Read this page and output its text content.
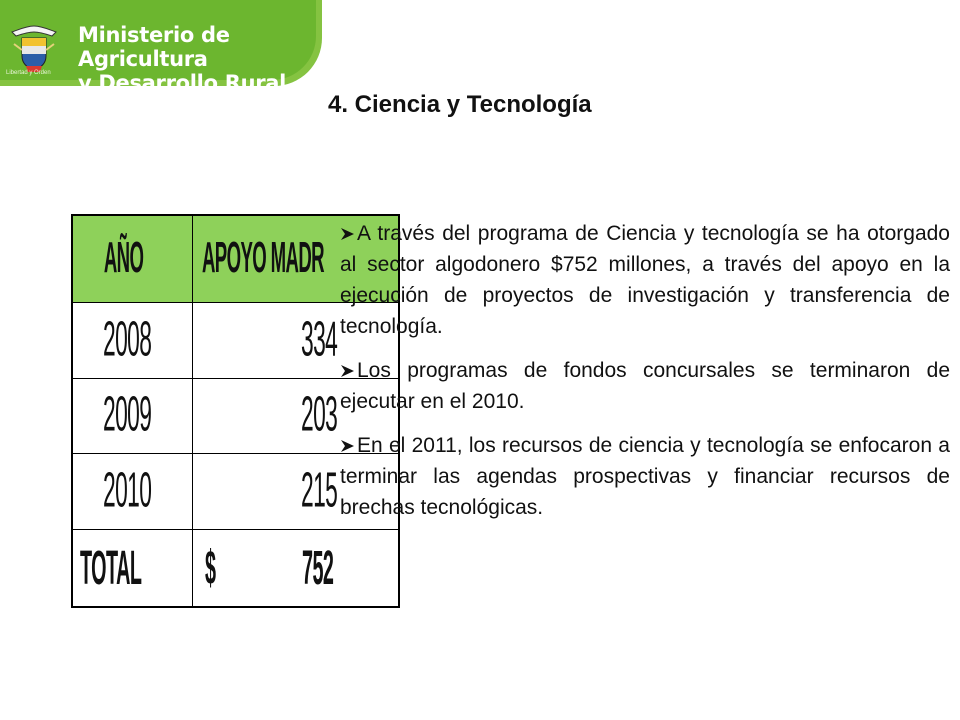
Libertad y Orden
Ministerio de Agricultura
y Desarrollo Rural
4. Ciencia y Tecnología
AÑO	APOYO MADR

2008	334

2009	203

2010	215

TOTAL	$ 752
A través del programa de Ciencia y tecnología se ha otorgado al sector algodonero $752 millones, a través del apoyo en la ejecución de proyectos de investigación y transferencia de tecnología.
Los programas de fondos concursales se terminaron de ejecutar en el 2010.
En el 2011, los recursos de ciencia y tecnología se enfocaron a terminar las agendas prospectivas y financiar recursos de brechas tecnológicas.
